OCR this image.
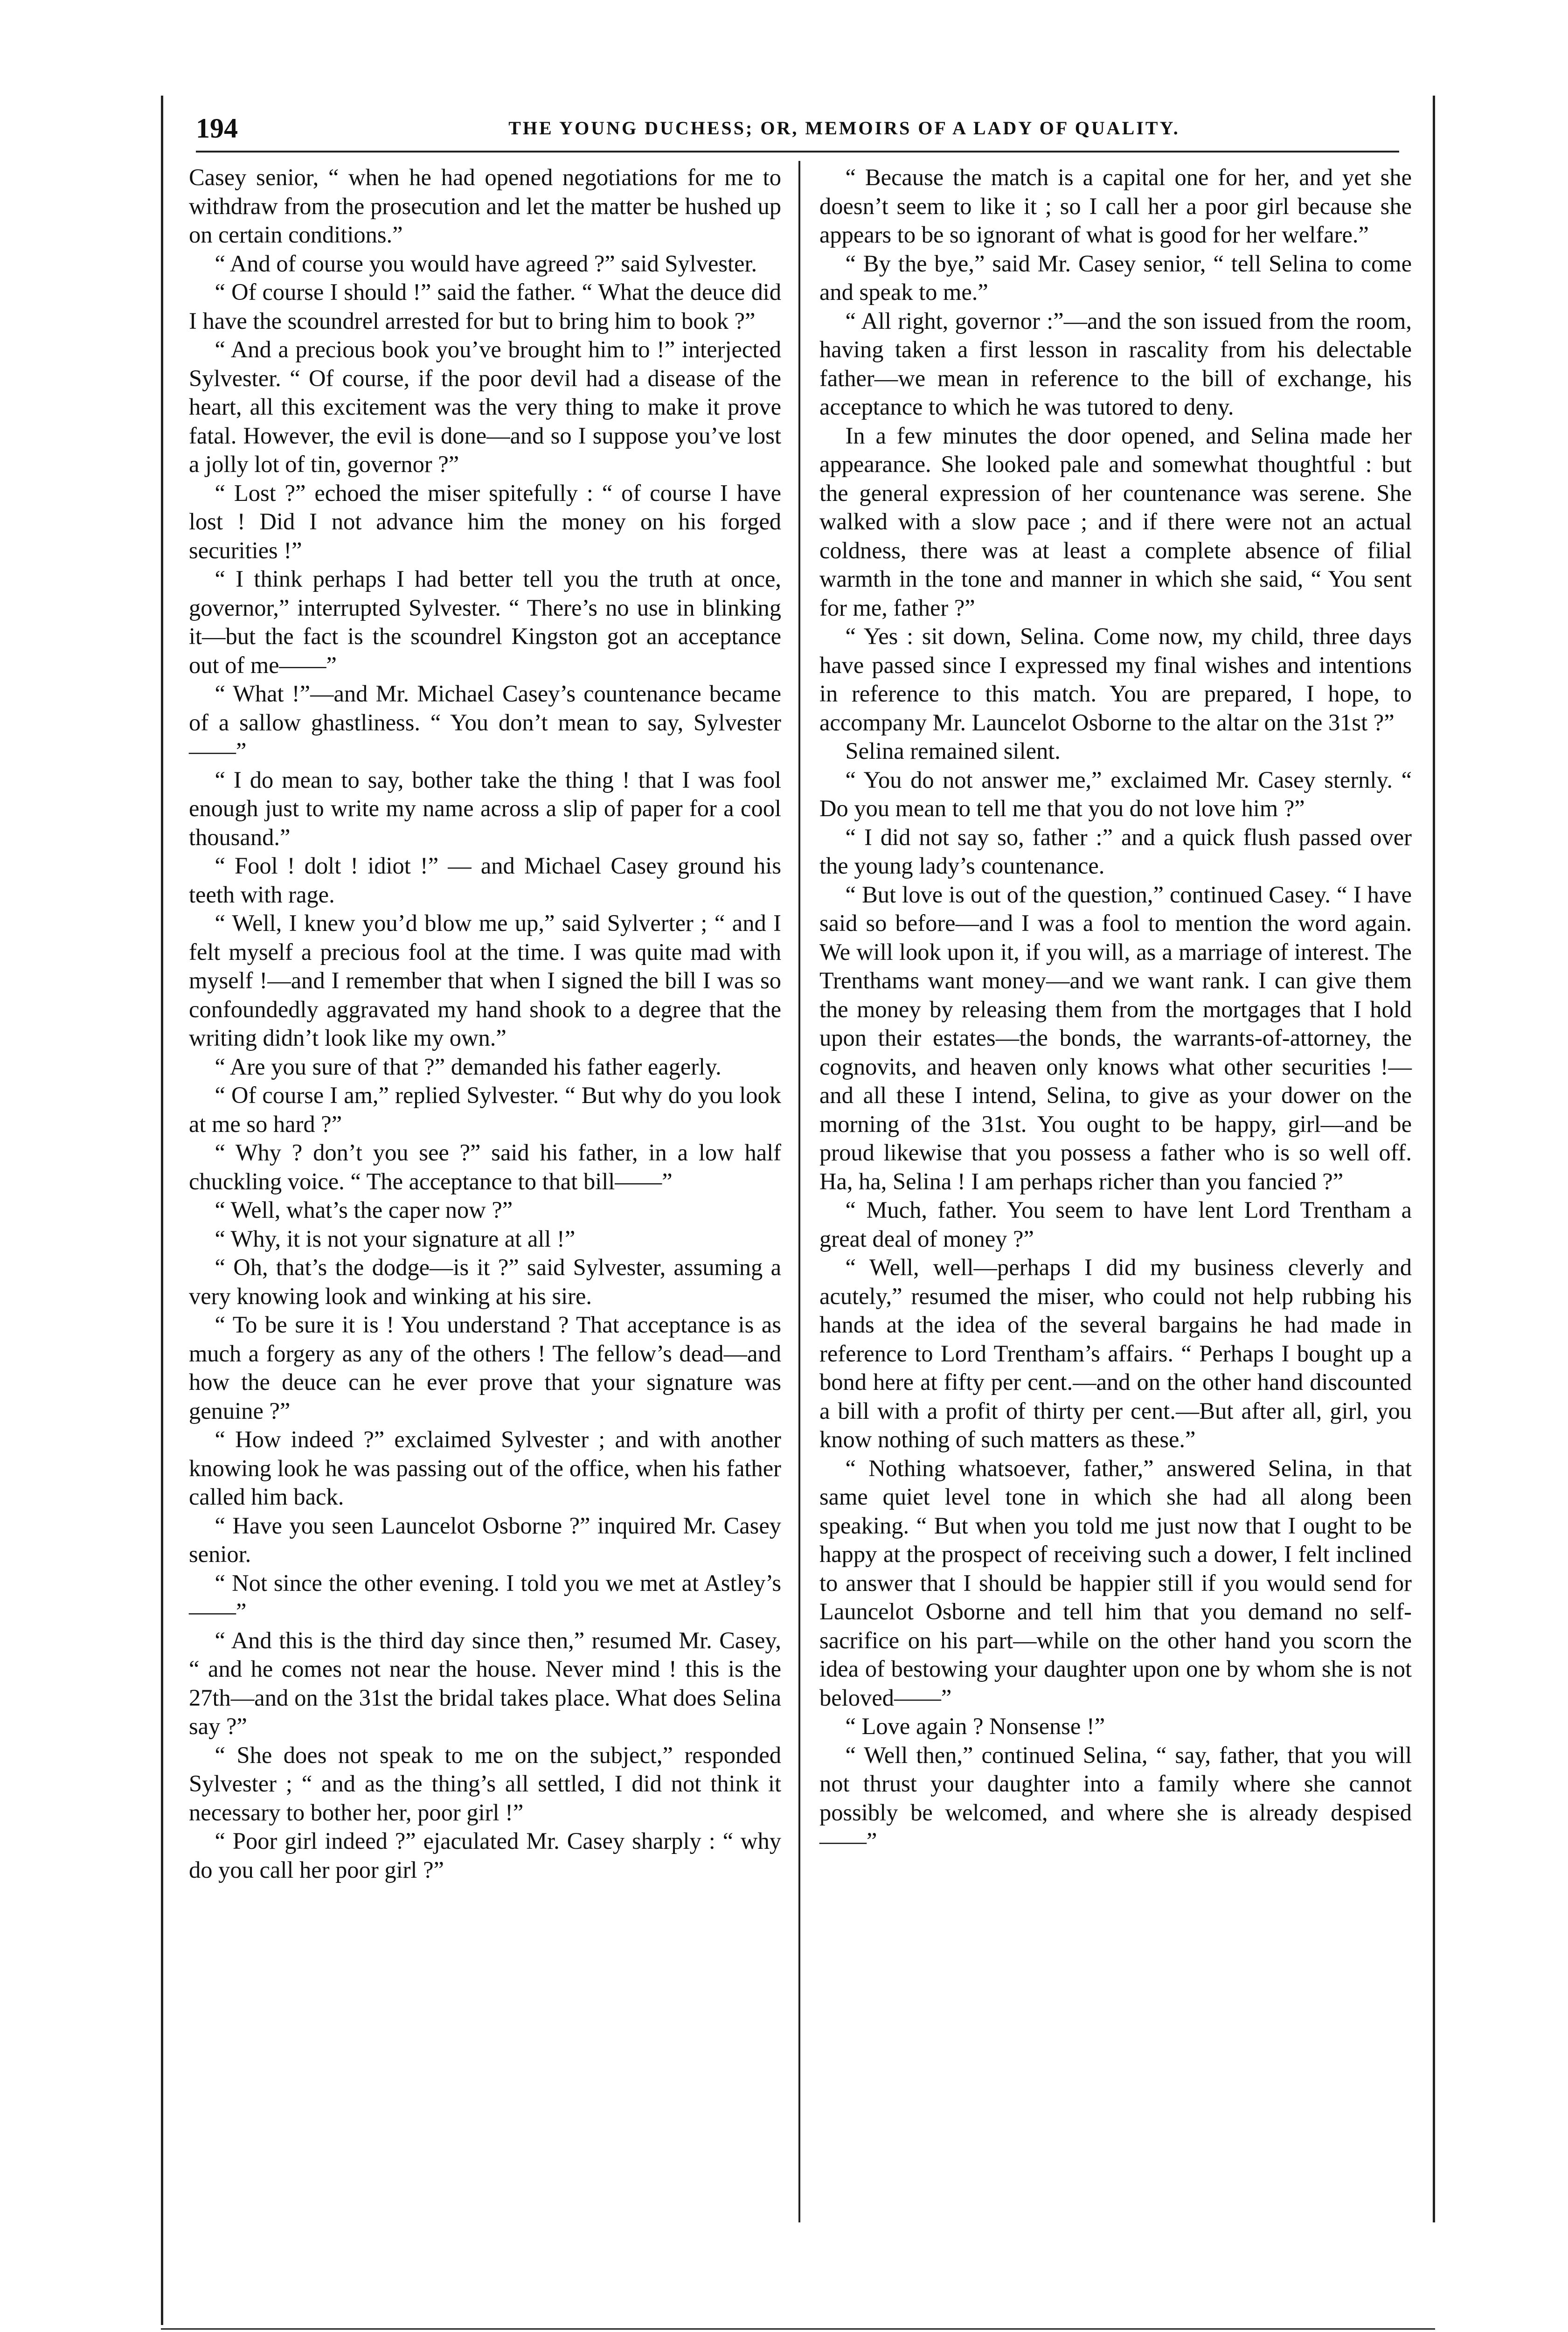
194	THE YOUNG DUCHESS; OR, MEMOIRS OF A LADY OF QUALITY.

Casey senior, “ when he had opened negotiations for me to withdraw from the prosecution and let the matter be hushed up on certain conditions.”

“ And of course you would have agreed ?” said Sylvester.

“ Of course I should !” said the father. “ What the deuce did I have the scoundrel arrested for but to bring him to book ?”

“ And a precious book you’ve brought him to !” interjected Sylvester. “ Of course, if the poor devil had a disease of the heart, all this excitement was the very thing to make it prove fatal. However, the evil is done—and so I suppose you’ve lost a jolly lot of tin, governor ?”

“ Lost ?” echoed the miser spitefully : “ of course I have lost ! Did I not advance him the money on his forged securities !”

“ I think perhaps I had better tell you the truth at once, governor,” interrupted Sylvester. “ There’s no use in blinking it—but the fact is the scoundrel Kingston got an acceptance out of me——”

“ What !”—and Mr. Michael Casey’s countenance became of a sallow ghastliness. “ You don’t mean to say, Sylvester——”

“ I do mean to say, bother take the thing ! that I was fool enough just to write my name across a slip of paper for a cool thousand.”

“ Fool ! dolt ! idiot !” — and Michael Casey ground his teeth with rage.

“ Well, I knew you’d blow me up,” said Sylverter ; “ and I felt myself a precious fool at the time. I was quite mad with myself !—and I remember that when I signed the bill I was so confoundedly aggravated my hand shook to a degree that the writing didn’t look like my own.”

“ Are you sure of that ?” demanded his father eagerly.

“ Of course I am,” replied Sylvester. “ But why do you look at me so hard ?”

“ Why ? don’t you see ?” said his father, in a low half chuckling voice. “ The acceptance to that bill——”

“ Well, what’s the caper now ?”

“ Why, it is not your signature at all !”

“ Oh, that’s the dodge—is it ?” said Sylvester, assuming a very knowing look and winking at his sire.

“ To be sure it is ! You understand ? That acceptance is as much a forgery as any of the others ! The fellow’s dead—and how the deuce can he ever prove that your signature was genuine ?”

“ How indeed ?” exclaimed Sylvester ; and with another knowing look he was passing out of the office, when his father called him back.

“ Have you seen Launcelot Osborne ?” inquired Mr. Casey senior.

“ Not since the other evening. I told you we met at Astley’s——”

“ And this is the third day since then,” resumed Mr. Casey, “ and he comes not near the house. Never mind ! this is the 27th—and on the 31st the bridal takes place. What does Selina say ?”

“ She does not speak to me on the subject,” responded Sylvester ; “ and as the thing’s all settled, I did not think it necessary to bother her, poor girl !”

“ Poor girl indeed ?” ejaculated Mr. Casey sharply : “ why do you call her poor girl ?”

“ Because the match is a capital one for her, and yet she doesn’t seem to like it ; so I call her a poor girl because she appears to be so ignorant of what is good for her welfare.”

“ By the bye,” said Mr. Casey senior, “ tell Selina to come and speak to me.”

“ All right, governor :”—and the son issued from the room, having taken a first lesson in rascality from his delectable father—we mean in reference to the bill of exchange, his acceptance to which he was tutored to deny.

In a few minutes the door opened, and Selina made her appearance. She looked pale and somewhat thoughtful : but the general expression of her countenance was serene. She walked with a slow pace ; and if there were not an actual coldness, there was at least a complete absence of filial warmth in the tone and manner in which she said, “ You sent for me, father ?”

“ Yes : sit down, Selina. Come now, my child, three days have passed since I expressed my final wishes and intentions in reference to this match. You are prepared, I hope, to accompany Mr. Launcelot Osborne to the altar on the 31st ?”

Selina remained silent.

“ You do not answer me,” exclaimed Mr. Casey sternly. “ Do you mean to tell me that you do not love him ?”

“ I did not say so, father :” and a quick flush passed over the young lady’s countenance.

“ But love is out of the question,” continued Casey. “ I have said so before—and I was a fool to mention the word again. We will look upon it, if you will, as a marriage of interest. The Trenthams want money—and we want rank. I can give them the money by releasing them from the mortgages that I hold upon their estates—the bonds, the warrants-of-attorney, the cognovits, and heaven only knows what other securities !—and all these I intend, Selina, to give as your dower on the morning of the 31st. You ought to be happy, girl—and be proud likewise that you possess a father who is so well off. Ha, ha, Selina ! I am perhaps richer than you fancied ?”

“ Much, father. You seem to have lent Lord Trentham a great deal of money ?”

“ Well, well—perhaps I did my business cleverly and acutely,” resumed the miser, who could not help rubbing his hands at the idea of the several bargains he had made in reference to Lord Trentham’s affairs. “ Perhaps I bought up a bond here at fifty per cent.—and on the other hand discounted a bill with a profit of thirty per cent.—But after all, girl, you know nothing of such matters as these.”

“ Nothing whatsoever, father,” answered Selina, in that same quiet level tone in which she had all along been speaking. “ But when you told me just now that I ought to be happy at the prospect of receiving such a dower, I felt inclined to answer that I should be happier still if you would send for Launcelot Osborne and tell him that you demand no self-sacrifice on his part—while on the other hand you scorn the idea of bestowing your daughter upon one by whom she is not beloved——”

“ Love again ? Nonsense !”

“ Well then,” continued Selina, “ say, father, that you will not thrust your daughter into a family where she cannot possibly be welcomed, and where she is already despised——”
